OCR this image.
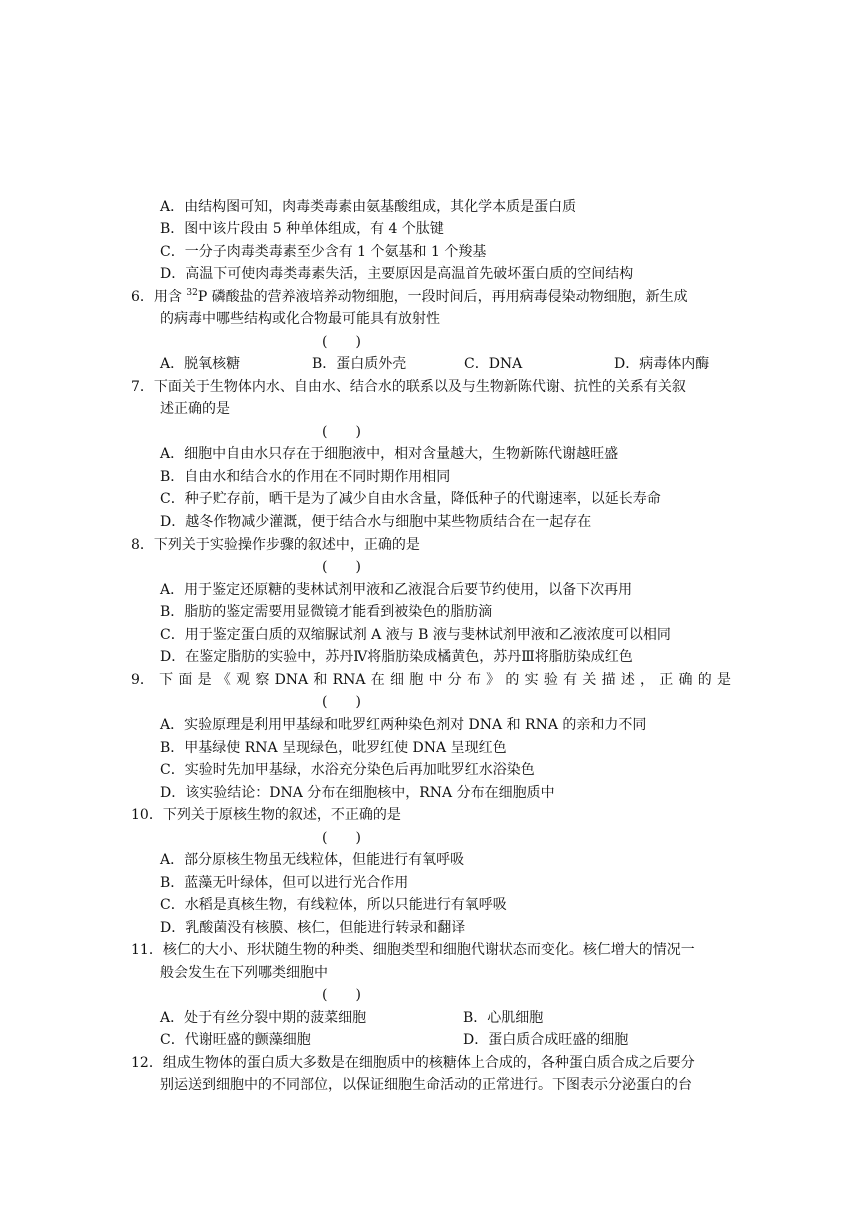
A．由结构图可知，肉毒类毒素由氨基酸组成，其化学本质是蛋白质
B．图中该片段由 5 种单体组成，有 4 个肽键
C．一分子肉毒类毒素至少含有 1 个氨基和 1 个羧基
D．高温下可使肉毒类毒素失活，主要原因是高温首先破坏蛋白质的空间结构
6．用含 $^{32}$P 磷酸盐的营养液培养动物细胞，一段时间后，再用病毒侵染动物细胞，新生成
的病毒中哪些结构或化合物最可能具有放射性
(　　)
A．脱氧核糖	B．蛋白质外壳	C．DNA	D．病毒体内酶
7．下面关于生物体内水、自由水、结合水的联系以及与生物新陈代谢、抗性的关系有关叙
述正确的是
(　　)
A．细胞中自由水只存在于细胞液中，相对含量越大，生物新陈代谢越旺盛
B．自由水和结合水的作用在不同时期作用相同
C．种子贮存前，晒干是为了减少自由水含量，降低种子的代谢速率，以延长寿命
D．越冬作物减少灌溉，便于结合水与细胞中某些物质结合在一起存在
8．下列关于实验操作步骤的叙述中，正确的是
(　　)
A．用于鉴定还原糖的斐林试剂甲液和乙液混合后要节约使用，以备下次再用
B．脂肪的鉴定需要用显微镜才能看到被染色的脂肪滴
C．用于鉴定蛋白质的双缩脲试剂 A 液与 B 液与斐林试剂甲液和乙液浓度可以相同
D．在鉴定脂肪的实验中，苏丹Ⅳ将脂肪染成橘黄色，苏丹Ⅲ将脂肪染成红色
9． 下 面 是 《 观 察 DNA 和 RNA 在 细 胞 中 分 布 》 的 实 验 有 关 描 述 ， 正 确 的 是
(　　)
A．实验原理是利用甲基绿和吡罗红两种染色剂对 DNA 和 RNA 的亲和力不同
B．甲基绿使 RNA 呈现绿色，吡罗红使 DNA 呈现红色
C．实验时先加甲基绿，水浴充分染色后再加吡罗红水浴染色
D．该实验结论：DNA 分布在细胞核中，RNA 分布在细胞质中
10．下列关于原核生物的叙述，不正确的是
(　　)
A．部分原核生物虽无线粒体，但能进行有氧呼吸
B．蓝藻无叶绿体，但可以进行光合作用
C．水稻是真核生物，有线粒体，所以只能进行有氧呼吸
D．乳酸菌没有核膜、核仁，但能进行转录和翻译
11．核仁的大小、形状随生物的种类、细胞类型和细胞代谢状态而变化。核仁增大的情况一
般会发生在下列哪类细胞中
(　　)
A．处于有丝分裂中期的菠菜细胞	B．心肌细胞
C．代谢旺盛的颤藻细胞	D．蛋白质合成旺盛的细胞
12．组成生物体的蛋白质大多数是在细胞质中的核糖体上合成的，各种蛋白质合成之后要分
别运送到细胞中的不同部位，以保证细胞生命活动的正常进行。下图表示分泌蛋白的台
